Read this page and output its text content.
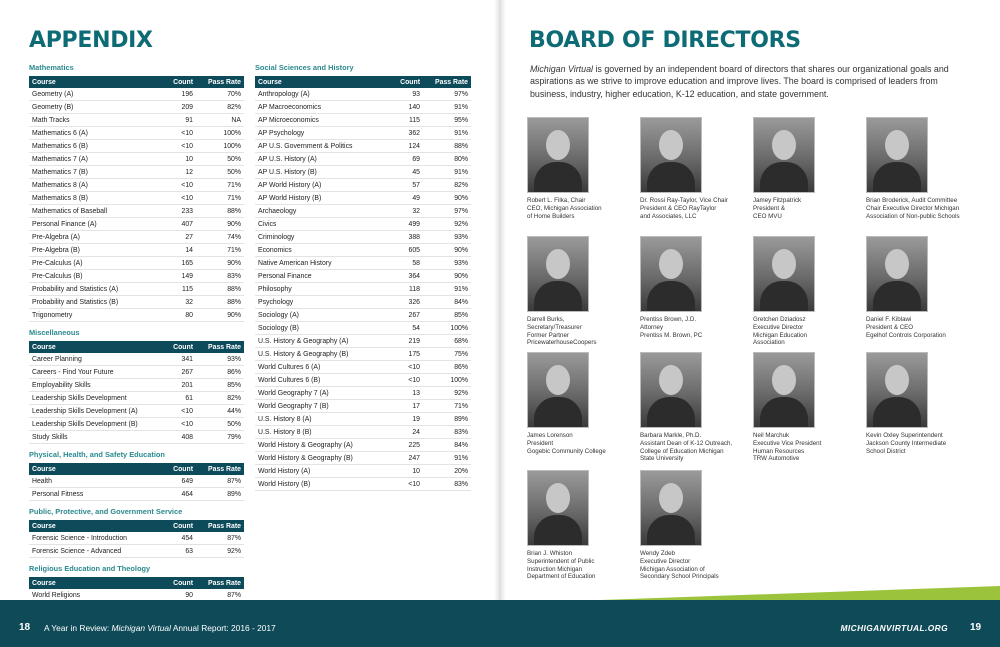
APPENDIX
Mathematics
Course	Count	Pass Rate
Geometry (A)	196	70%
Geometry (B)	209	82%
Math Tracks	91	NA
Mathematics 6 (A)	<10	100%
Mathematics 6 (B)	<10	100%
Mathematics 7 (A)	10	50%
Mathematics 7 (B)	12	50%
Mathematics 8 (A)	<10	71%
Mathematics 8 (B)	<10	71%
Mathematics of Baseball	233	88%
Personal Finance (A)	407	90%
Pre-Algebra (A)	27	74%
Pre-Algebra (B)	14	71%
Pre-Calculus (A)	165	90%
Pre-Calculus (B)	149	83%
Probability and Statistics (A)	115	88%
Probability and Statistics (B)	32	88%
Trigonometry	80	90%
Miscellaneous
Course	Count	Pass Rate
Career Planning	341	93%
Careers - Find Your Future	267	86%
Employability Skills	201	85%
Leadership Skills Development	61	82%
Leadership Skills Development (A)	<10	44%
Leadership Skills Development (B)	<10	50%
Study Skills	408	79%
Physical, Health, and Safety Education
Course	Count	Pass Rate
Health	649	87%
Personal Fitness	464	89%
Public, Protective, and Government Service
Course	Count	Pass Rate
Forensic Science - Introduction	454	87%
Forensic Science - Advanced	63	92%
Religious Education and Theology
Course	Count	Pass Rate
World Religions	90	87%
Social Sciences and History
Course	Count	Pass Rate
Anthropology (A)	93	97%
AP Macroeconomics	140	91%
AP Microeconomics	115	95%
AP Psychology	362	91%
AP U.S. Government & Politics	124	88%
AP U.S. History (A)	69	80%
AP U.S. History (B)	45	91%
AP World History (A)	57	82%
AP World History (B)	49	90%
Archaeology	32	97%
Civics	499	92%
Criminology	388	93%
Economics	605	90%
Native American History	58	93%
Personal Finance	364	90%
Philosophy	118	91%
Psychology	326	84%
Sociology (A)	267	85%
Sociology (B)	54	100%
U.S. History & Geography (A)	219	68%
U.S. History & Geography (B)	175	75%
World Cultures 6 (A)	<10	86%
World Cultures 6 (B)	<10	100%
World Geography 7 (A)	13	92%
World Geography 7 (B)	17	71%
U.S. History 8 (A)	19	89%
U.S. History 8 (B)	24	83%
World History & Geography (A)	225	84%
World History & Geography (B)	247	91%
World History (A)	10	20%
World History (B)	<10	83%
BOARD OF DIRECTORS
Michigan Virtual is governed by an independent board of directors that shares our organizational goals and aspirations as we strive to improve education and improve lives. The board is comprised of leaders from business, industry, higher education, K-12 education, and state government.
Robert L. Filka, Chair
CEO, Michigan Association
of Home Builders
Dr. Rossi Ray-Taylor, Vice Chair
President & CEO RayTaylor
and Associates, LLC
Jamey Fitzpatrick
President &
CEO MVU
Brian Broderick, Audit Committee
Chair Executive Director Michigan
Association of Non-public Schools
Darrell Burks,
Secretary/Treasurer
Former Partner
PricewaterhouseCoopers
Prentiss Brown, J.D.
Attorney
Prentiss M. Brown, PC
Gretchen Dziadosz
Executive Director
Michigan Education
Association
Daniel F. Kiblawi
President & CEO
Egelhof Controls Corporation
James Lorenson
President
Gogebic Community College
Barbara Markle, Ph.D.
Assistant Dean of K-12 Outreach,
College of Education Michigan
State University
Neil Marchuk
Executive Vice President
Human Resources
TRW Automotive
Kevin Oxley Superintendent
Jackson County Intermediate
School District
Brian J. Whiston
Superintendent of Public
Instruction Michigan
Department of Education
Wendy Zdeb
Executive Director
Michigan Association of
Secondary School Principals
18 A Year in Review: Michigan Virtual Annual Report: 2016 - 2017	MICHIGANVIRTUAL.ORG 19
